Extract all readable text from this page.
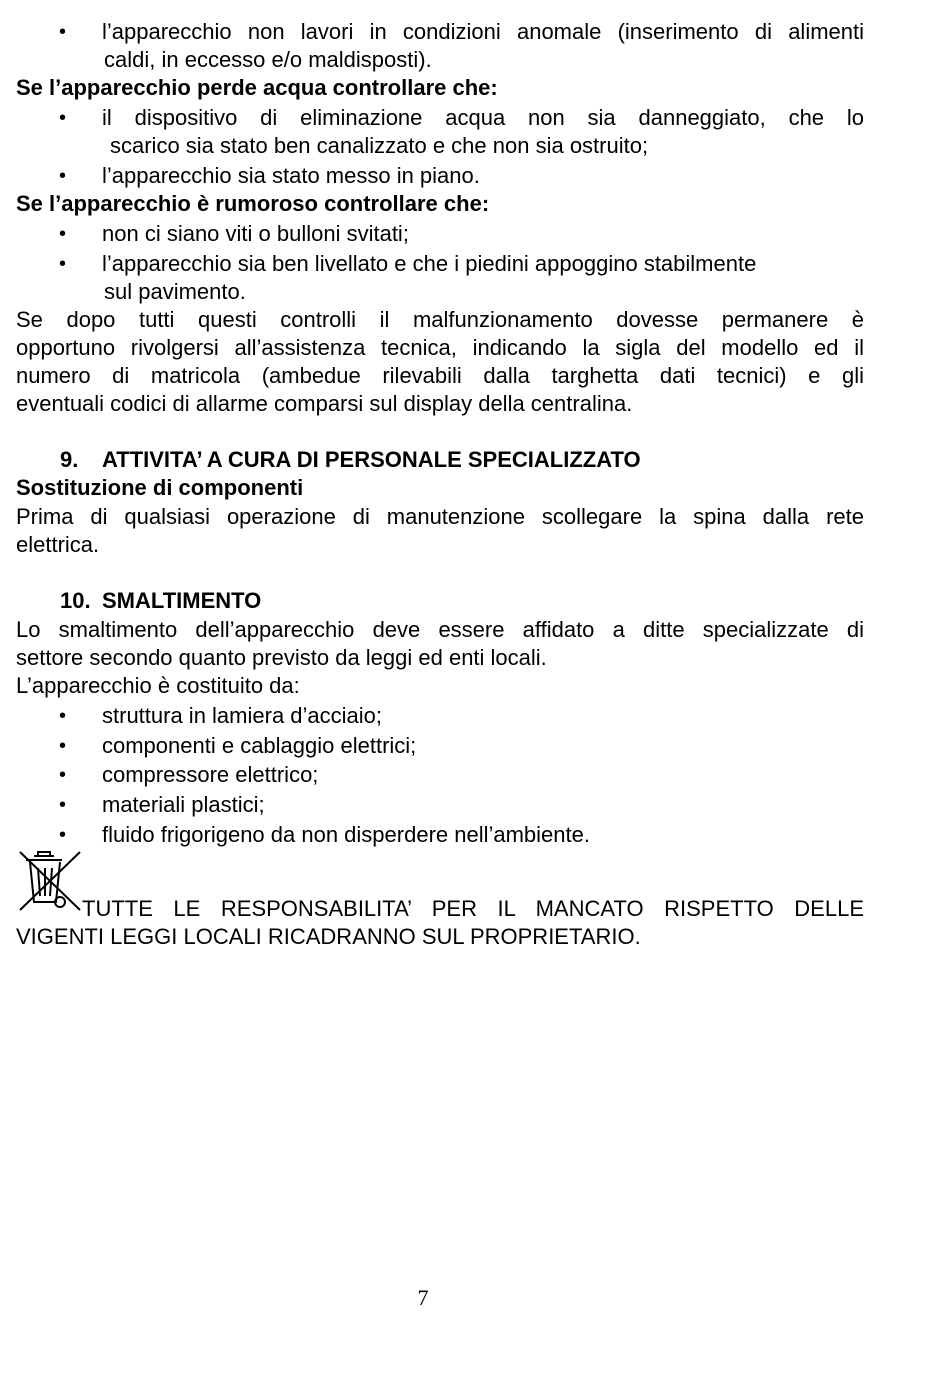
• l’apparecchio non lavori in condizioni anomale (inserimento di alimenti
caldi, in eccesso e/o maldisposti).
Se l’apparecchio perde acqua controllare che:
• il dispositivo di eliminazione acqua non sia danneggiato, che lo
scarico sia stato ben canalizzato e che non sia ostruito;
• l’apparecchio sia stato messo in piano.
Se l’apparecchio è rumoroso controllare che:
• non ci siano viti o bulloni svitati;
• l’apparecchio sia ben livellato e che i piedini appoggino stabilmente
sul pavimento.
Se dopo tutti questi controlli il malfunzionamento dovesse permanere è
opportuno rivolgersi all’assistenza tecnica, indicando la sigla del modello ed il
numero di matricola (ambedue rilevabili dalla targhetta dati tecnici) e gli
eventuali codici di allarme comparsi sul display della centralina.
9. ATTIVITA’ A CURA DI PERSONALE SPECIALIZZATO
Sostituzione di componenti
Prima di qualsiasi operazione di manutenzione scollegare la spina dalla rete
elettrica.
10. SMALTIMENTO
Lo smaltimento dell’apparecchio deve essere affidato a ditte specializzate di
settore secondo quanto previsto da leggi ed enti locali.
L’apparecchio è costituito da:
• struttura in lamiera d’acciaio;
• componenti e cablaggio elettrici;
• compressore elettrico;
• materiali plastici;
• fluido frigorigeno da non disperdere nell’ambiente.
TUTTE LE RESPONSABILITA’ PER IL MANCATO RISPETTO DELLE
VIGENTI LEGGI LOCALI RICADRANNO SUL PROPRIETARIO.
7
